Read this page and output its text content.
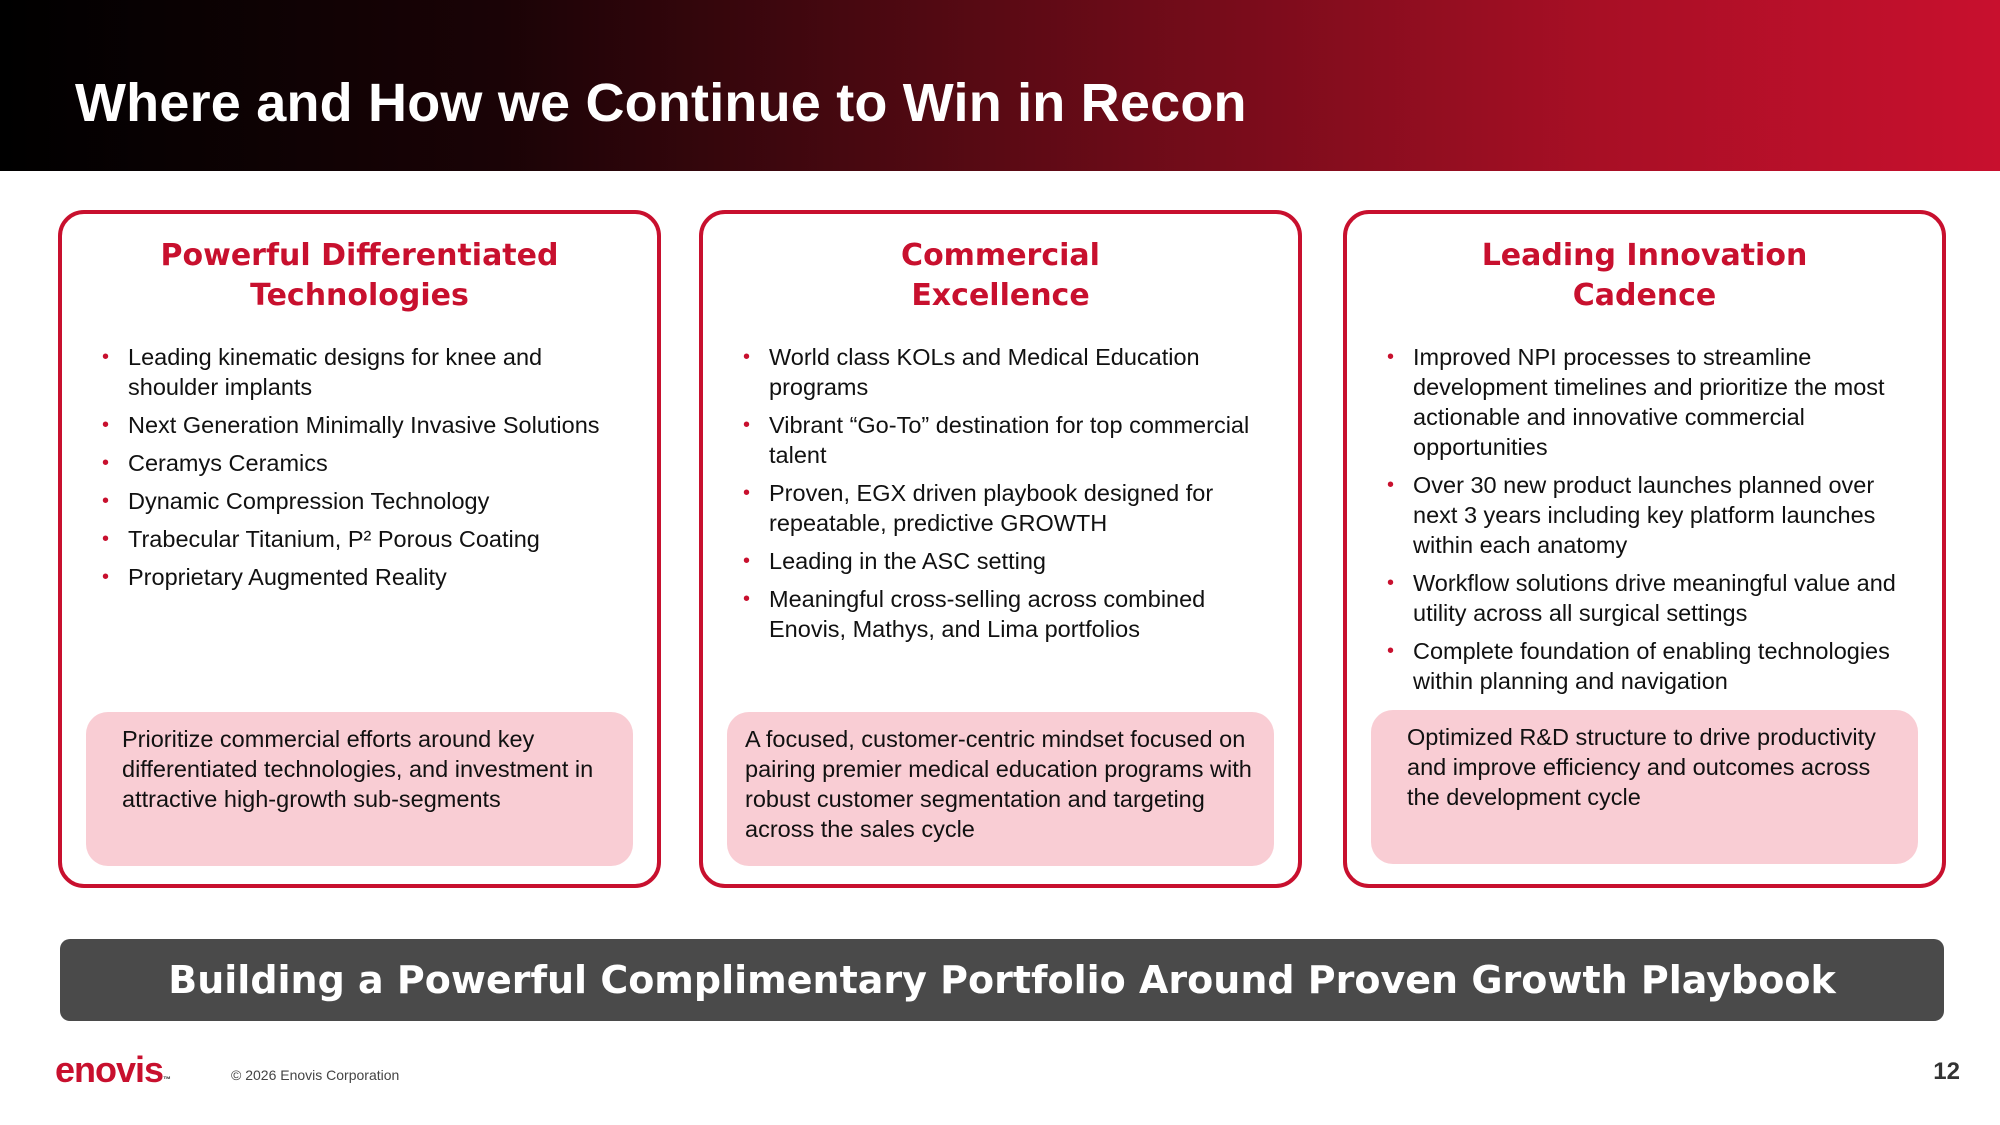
Where and How we Continue to Win in Recon
Powerful Differentiated
Technologies
• Leading kinematic designs for knee and shoulder implants
• Next Generation Minimally Invasive Solutions
• Ceramys Ceramics
• Dynamic Compression Technology
• Trabecular Titanium, P² Porous Coating
• Proprietary Augmented Reality
Prioritize commercial efforts around key differentiated technologies, and investment in attractive high-growth sub-segments
Commercial
Excellence
• World class KOLs and Medical Education programs
• Vibrant “Go-To” destination for top commercial talent
• Proven, EGX driven playbook designed for repeatable, predictive GROWTH
• Leading in the ASC setting
• Meaningful cross-selling across combined Enovis, Mathys, and Lima portfolios
A focused, customer-centric mindset focused on pairing premier medical education programs with robust customer segmentation and targeting across the sales cycle
Leading Innovation
Cadence
• Improved NPI processes to streamline development timelines and prioritize the most actionable and innovative commercial opportunities
• Over 30 new product launches planned over next 3 years including key platform launches within each anatomy
• Workflow solutions drive meaningful value and utility across all surgical settings
• Complete foundation of enabling technologies within planning and navigation
Optimized R&D structure to drive productivity and improve efficiency and outcomes across the development cycle
Building a Powerful Complimentary Portfolio Around Proven Growth Playbook
enovis™	© 2026 Enovis Corporation	12
